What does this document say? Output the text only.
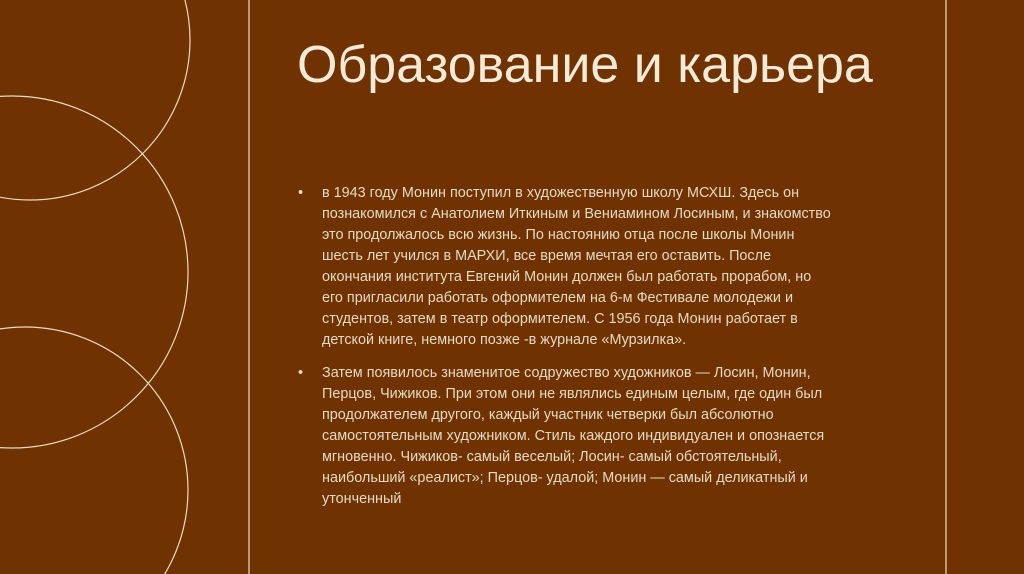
Образование и карьера
• в 1943 году Монин поступил в художественную школу МСХШ. Здесь он познакомился с Анатолием Иткиным и Вениамином Лосиным, и знакомство это продолжалось всю жизнь. По настоянию отца после школы Монин шесть лет учился в МАРХИ, все время мечтая его оставить. После окончания института Евгений Монин должен был работать прорабом, но его пригласили работать оформителем на 6-м Фестивале молодежи и студентов, затем в театр оформителем. С 1956 года Монин работает в детской книге, немного позже -в журнале «Мурзилка».
• Затем появилось знаменитое содружество художников — Лосин, Монин, Перцов, Чижиков. При этом они не являлись единым целым, где один был продолжателем другого, каждый участник четверки был абсолютно самостоятельным художником. Стиль каждого индивидуален и опознается мгновенно. Чижиков- самый веселый; Лосин- самый обстоятельный, наибольший «реалист»; Перцов- удалой; Монин — самый деликатный и утонченный
